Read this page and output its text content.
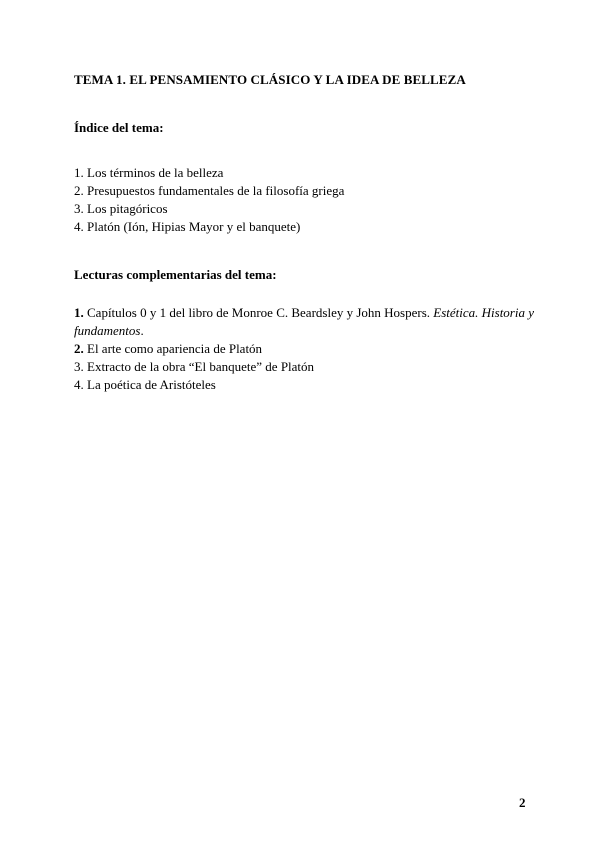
TEMA 1. EL PENSAMIENTO CLÁSICO Y LA IDEA DE BELLEZA
Índice del tema:
1. Los términos de la belleza
2. Presupuestos fundamentales de la filosofía griega
3. Los pitagóricos
4. Platón (Ión, Hipias Mayor y el banquete)
Lecturas complementarias del tema:
1. Capítulos 0 y 1 del libro de Monroe C. Beardsley y John Hospers. Estética. Historia y fundamentos.
2. El arte como apariencia de Platón
3. Extracto de la obra “El banquete” de Platón
4. La poética de Aristóteles
2
